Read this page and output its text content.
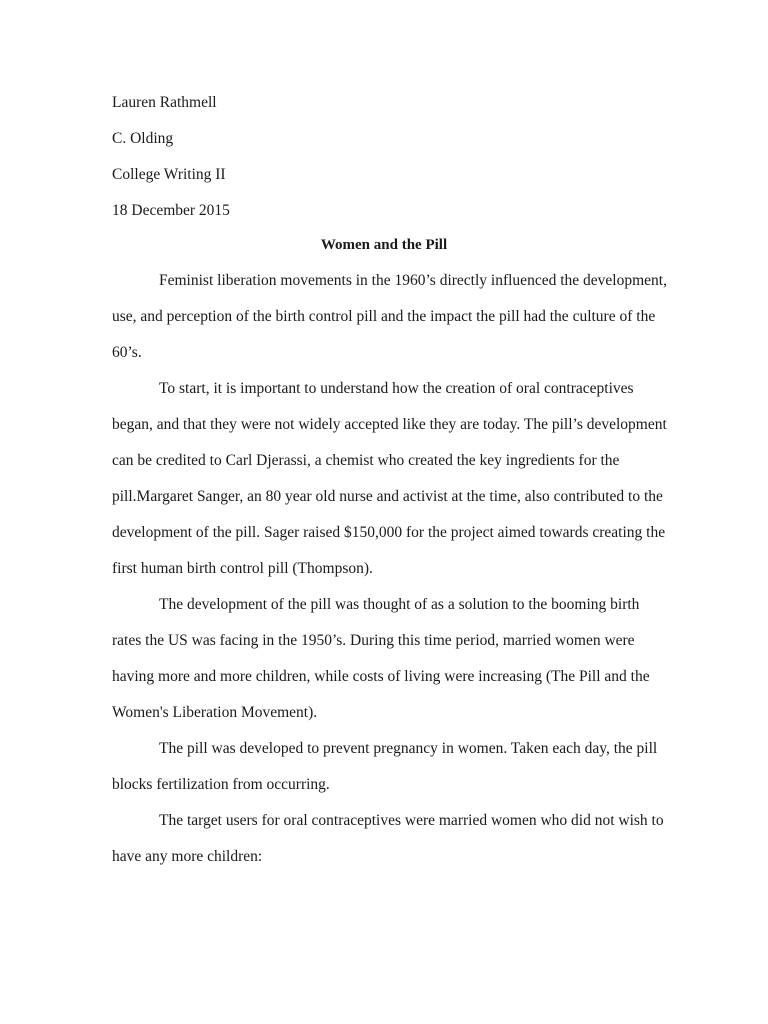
Lauren Rathmell
C. Olding
College Writing II
18 December 2015
Women and the Pill
Feminist liberation movements in the 1960’s directly influenced the development,
use, and perception of the birth control pill and the impact the pill had the culture of the
60’s.
To start, it is important to understand how the creation of oral contraceptives
began, and that they were not widely accepted like they are today. The pill’s development
can be credited to Carl Djerassi, a chemist who created the key ingredients for the
pill.Margaret Sanger, an 80 year old nurse and activist at the time, also contributed to the
development of the pill. Sager raised $150,000 for the project aimed towards creating the
first human birth control pill (Thompson).
The development of the pill was thought of as a solution to the booming birth
rates the US was facing in the 1950’s. During this time period, married women were
having more and more children, while costs of living were increasing (The Pill and the
Women's Liberation Movement).
The pill was developed to prevent pregnancy in women. Taken each day, the pill
blocks fertilization from occurring.
The target users for oral contraceptives were married women who did not wish to
have any more children:
